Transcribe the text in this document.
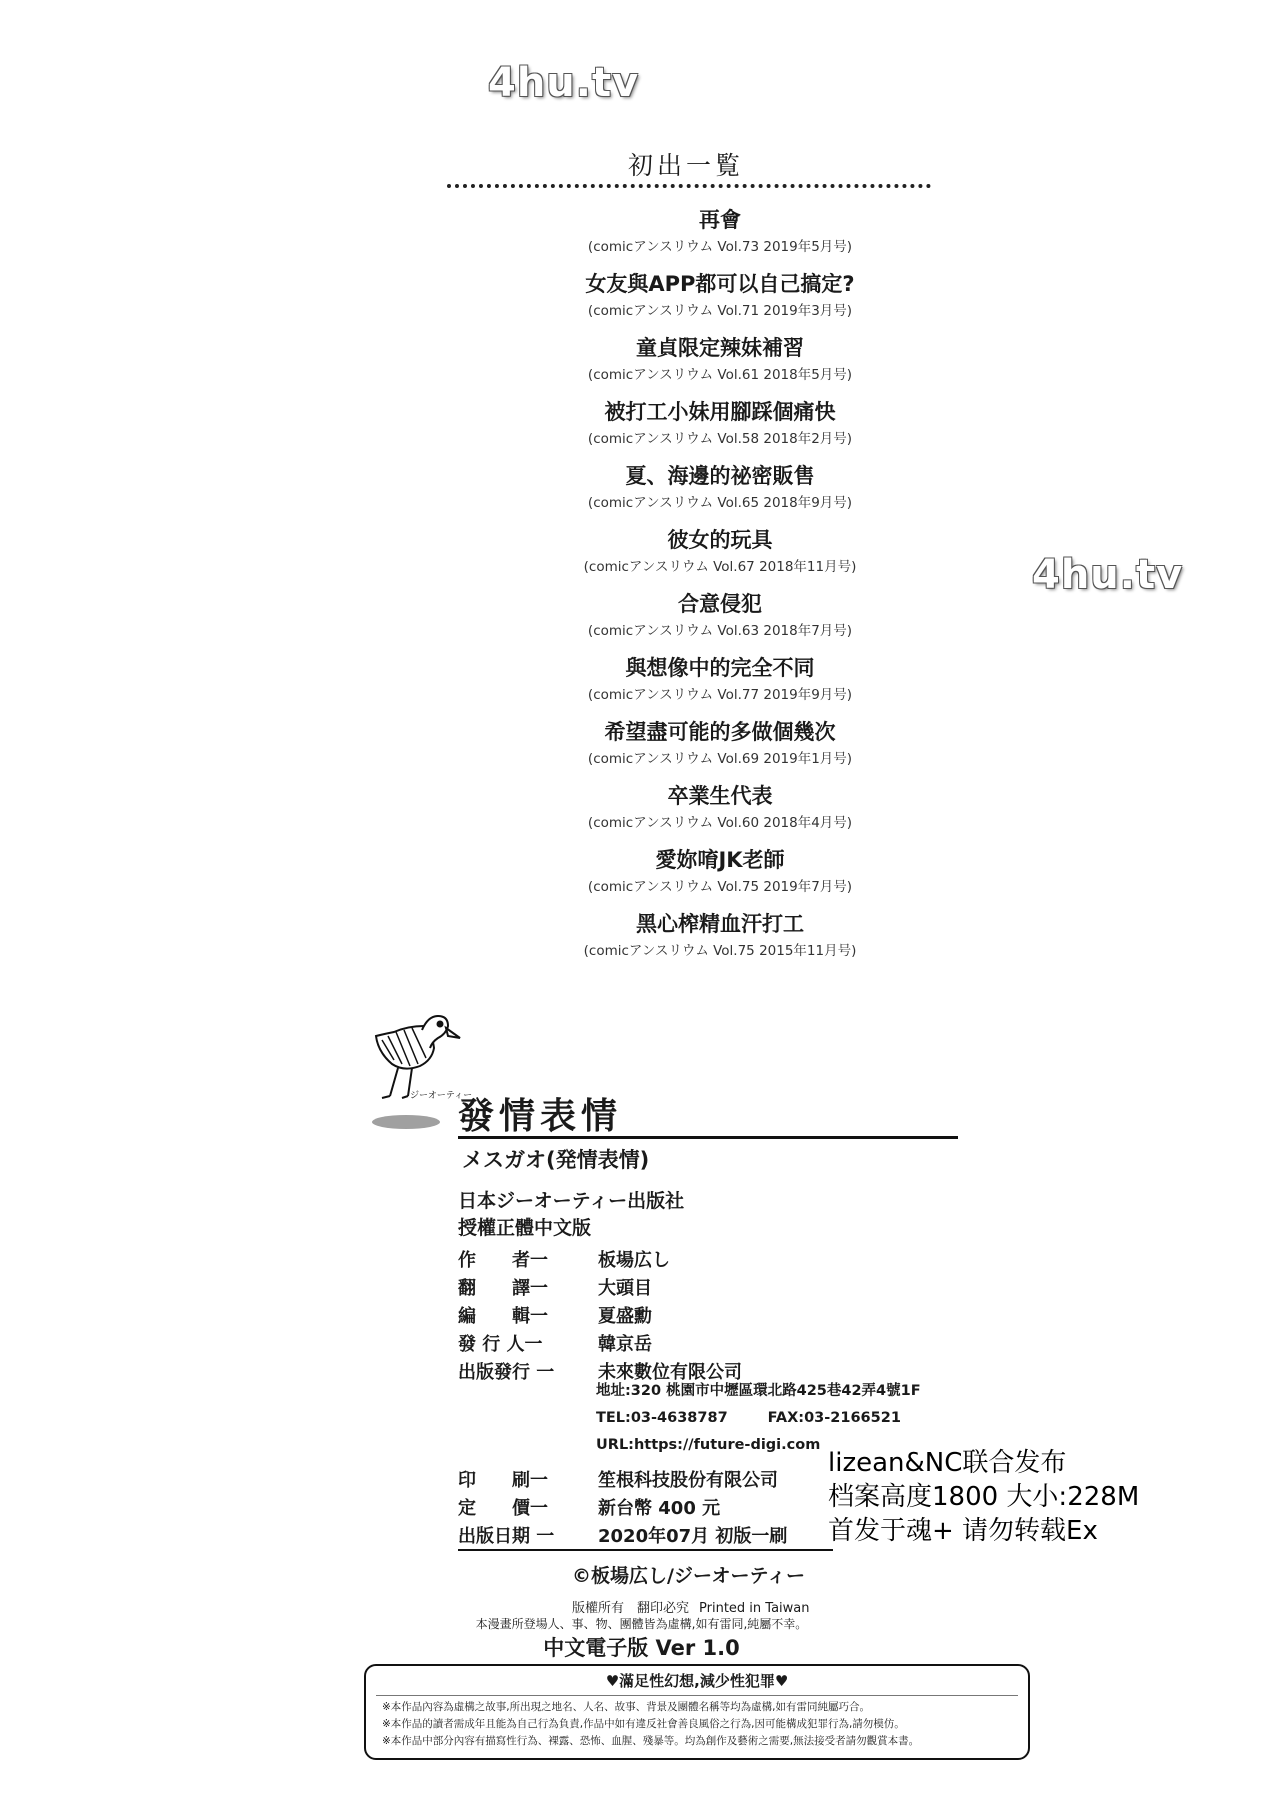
4hu.tv
4hu.tv
初出一覧
再會
(comicアンスリウム Vol.73 2019年5月号)
女友與APP都可以自己搞定?
(comicアンスリウム Vol.71 2019年3月号)
童貞限定辣妹補習
(comicアンスリウム Vol.61 2018年5月号)
被打工小妹用腳踩個痛快
(comicアンスリウム Vol.58 2018年2月号)
夏、海邊的祕密販售
(comicアンスリウム Vol.65 2018年9月号)
彼女的玩具
(comicアンスリウム Vol.67 2018年11月号)
合意侵犯
(comicアンスリウム Vol.63 2018年7月号)
與想像中的完全不同
(comicアンスリウム Vol.77 2019年9月号)
希望盡可能的多做個幾次
(comicアンスリウム Vol.69 2019年1月号)
卒業生代表
(comicアンスリウム Vol.60 2018年4月号)
愛妳唷JK老師
(comicアンスリウム Vol.75 2019年7月号)
黑心榨精血汗打工
(comicアンスリウム Vol.75 2015年11月号)
ジーオーティー
發情表情
メスガオ(発情表情)
日本ジーオーティー出版社
授權正體中文版
作　　者一	板場広し
翻　　譯一	大頭目
編　　輯一	夏盛勳
發 行 人一	韓京岳
出版發行 一	未來數位有限公司
地址:320 桃園市中壢區環北路425巷42弄4號1F
TEL:03-4638787	FAX:03-2166521
URL:https://future-digi.com
印　　刷一	笙根科技股份有限公司
定　　價一	新台幣 400 元
出版日期 一	2020年07月 初版一刷
lizean&NC联合发布
档案高度1800 大小:228M
首发于魂+ 请勿转载Ex
©板場広し/ジーオーティー
版權所有　翻印必究 Printed in Taiwan
本漫畫所登場人、事、物、團體皆為虛構,如有雷同,純屬不幸。
中文電子版 Ver 1.0
♥滿足性幻想,減少性犯罪♥
※本作品內容為虛構之故事,所出現之地名、人名、故事、背景及團體名稱等均為虛構,如有雷同純屬巧合。
※本作品的讀者需成年且能為自己行為負責,作品中如有違反社會善良風俗之行為,因可能構成犯罪行為,請勿模仿。
※本作品中部分內容有描寫性行為、裸露、恐怖、血腥、殘暴等。均為創作及藝術之需要,無法接受者請勿觀賞本書。
